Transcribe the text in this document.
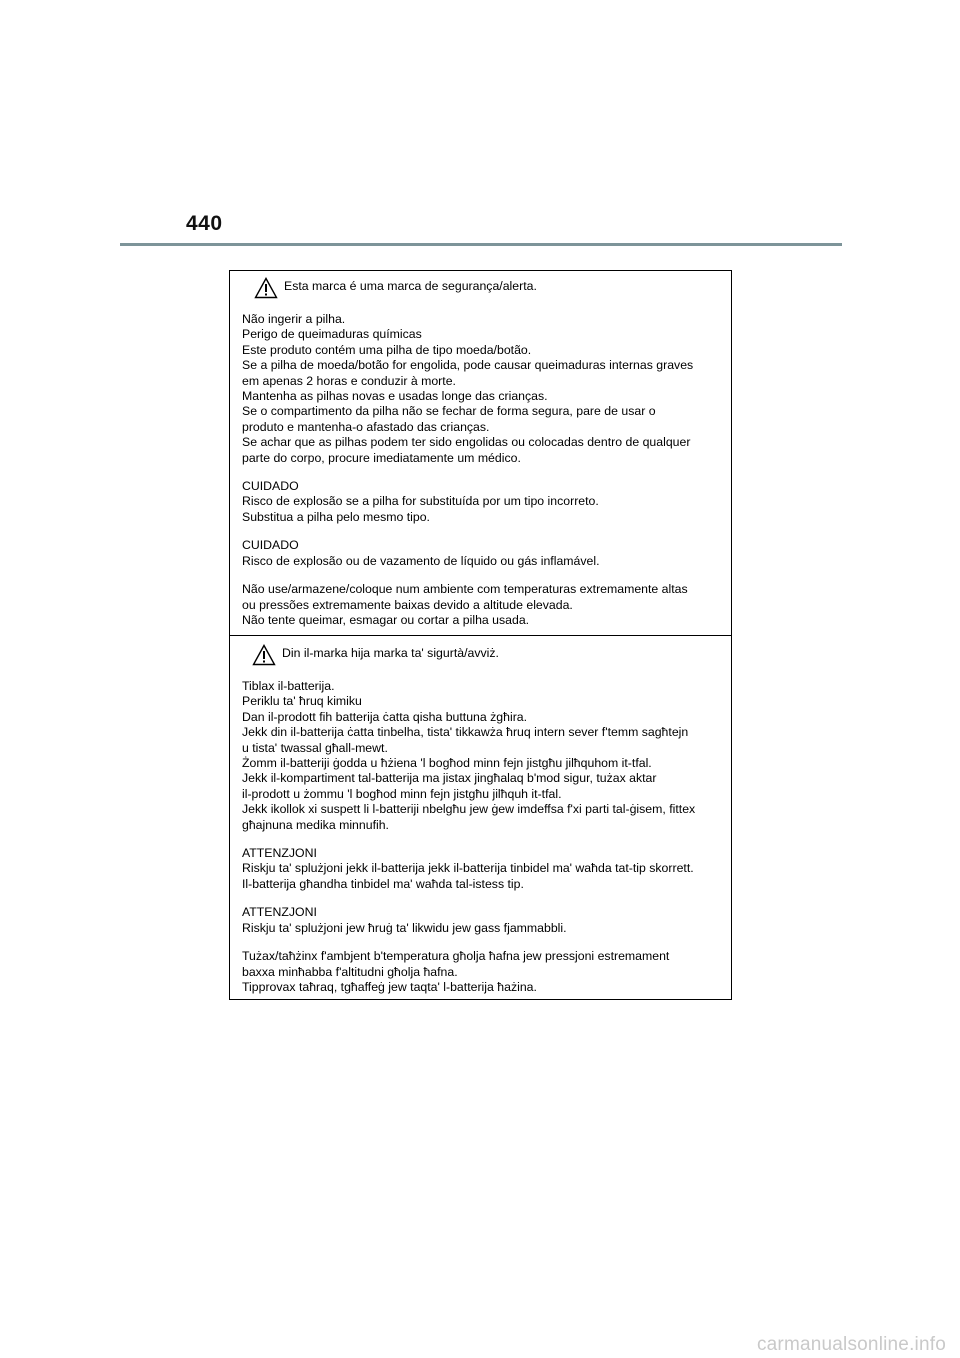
440
Esta marca é uma marca de segurança/alerta.
Não ingerir a pilha.
Perigo de queimaduras químicas
Este produto contém uma pilha de tipo moeda/botão.
Se a pilha de moeda/botão for engolida, pode causar queimaduras internas graves
em apenas 2 horas e conduzir à morte.
Mantenha as pilhas novas e usadas longe das crianças.
Se o compartimento da pilha não se fechar de forma segura, pare de usar o
produto e mantenha-o afastado das crianças.
Se achar que as pilhas podem ter sido engolidas ou colocadas dentro de qualquer
parte do corpo, procure imediatamente um médico.
CUIDADO
Risco de explosão se a pilha for substituída por um tipo incorreto.
Substitua a pilha pelo mesmo tipo.
CUIDADO
Risco de explosão ou de vazamento de líquido ou gás inflamável.
Não use/armazene/coloque num ambiente com temperaturas extremamente altas
ou pressões extremamente baixas devido a altitude elevada.
Não tente queimar, esmagar ou cortar a pilha usada.
Din il-marka hija marka ta' sigurtà/avviż.
Tiblax il-batterija.
Periklu ta' ħruq kimiku
Dan il-prodott fih batterija ċatta qisha buttuna żgħira.
Jekk din il-batterija ċatta tinbelha, tista' tikkawża ħruq intern sever f'temm sagħtejn
u tista' twassal għall-mewt.
Żomm il-batteriji ġodda u ħżiena 'l bogħod minn fejn jistgħu jilħquhom it-tfal.
Jekk il-kompartiment tal-batterija ma jistax jingħalaq b'mod sigur, tużax aktar
il-prodott u żommu 'l bogħod minn fejn jistgħu jilħquh it-tfal.
Jekk ikollok xi suspett li l-batteriji nbelgħu jew ġew imdeffsa f'xi parti tal-ġisem, fittex
għajnuna medika minnufih.
ATTENZJONI
Riskju ta' splużjoni jekk il-batterija jekk il-batterija tinbidel ma' waħda tat-tip skorrett.
Il-batterija għandha tinbidel ma' waħda tal-istess tip.
ATTENZJONI
Riskju ta' splużjoni jew ħruġ ta' likwidu jew gass fjammabbli.
Tużax/taħżinx f'ambjent b'temperatura għolja ħafna jew pressjoni estremament
baxxa minħabba f'altitudni għolja ħafna.
Tipprovax taħraq, tgħaffeġ jew taqta' l-batterija ħażina.
carmanualsonline.info
